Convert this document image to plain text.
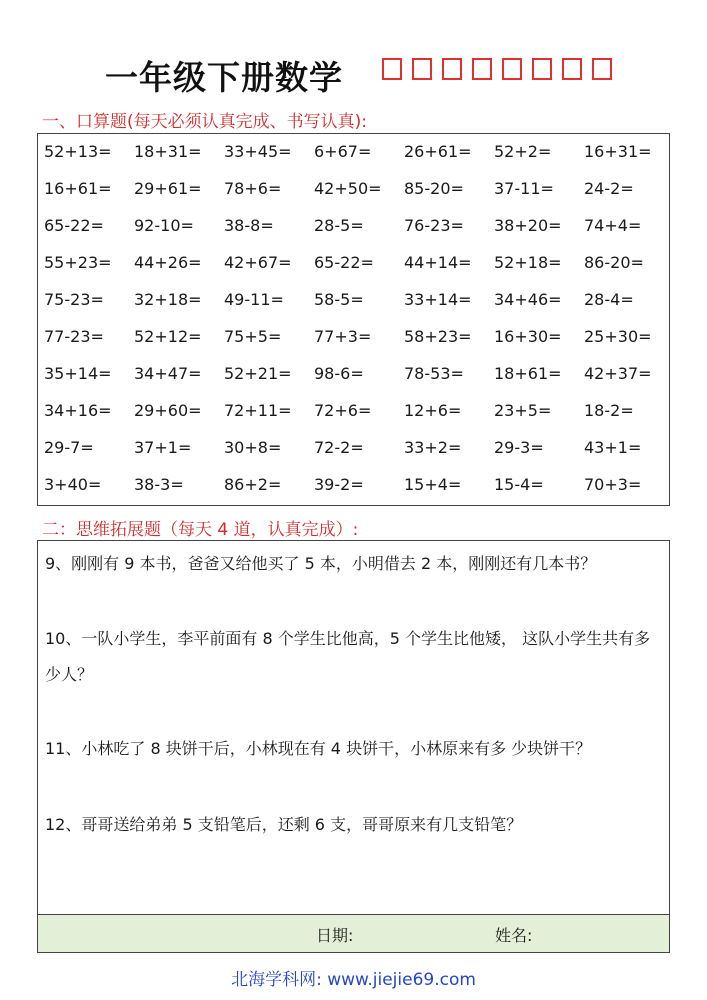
一年级下册数学
一、口算题(每天必须认真完成、书写认真):
52+13=	18+31=	33+45=	6+67=	26+61=	52+2=	16+31=
16+61=	29+61=	78+6=	42+50=	85-20=	37-11=	24-2=
65-22=	92-10=	38-8=	28-5=	76-23=	38+20=	74+4=
55+23=	44+26=	42+67=	65-22=	44+14=	52+18=	86-20=
75-23=	32+18=	49-11=	58-5=	33+14=	34+46=	28-4=
77-23=	52+12=	75+5=	77+3=	58+23=	16+30=	25+30=
35+14=	34+47=	52+21=	98-6=	78-53=	18+61=	42+37=
34+16=	29+60=	72+11=	72+6=	12+6=	23+5=	18-2=
29-7=	37+1=	30+8=	72-2=	33+2=	29-3=	43+1=
3+40=	38-3=	86+2=	39-2=	15+4=	15-4=	70+3=
二：思维拓展题（每天 4 道，认真完成）:
9、刚刚有 9 本书，爸爸又给他买了 5 本，小明借去 2 本，刚刚还有几本书？
10、一队小学生，李平前面有 8 个学生比他高，5 个学生比他矮， 这队小学生共有多少人？
11、小林吃了 8 块饼干后，小林现在有 4 块饼干，小林原来有多 少块饼干？
12、哥哥送给弟弟 5 支铅笔后，还剩 6 支，哥哥原来有几支铅笔？
日期:	姓名:
北海学科网: www.jiejie69.com
